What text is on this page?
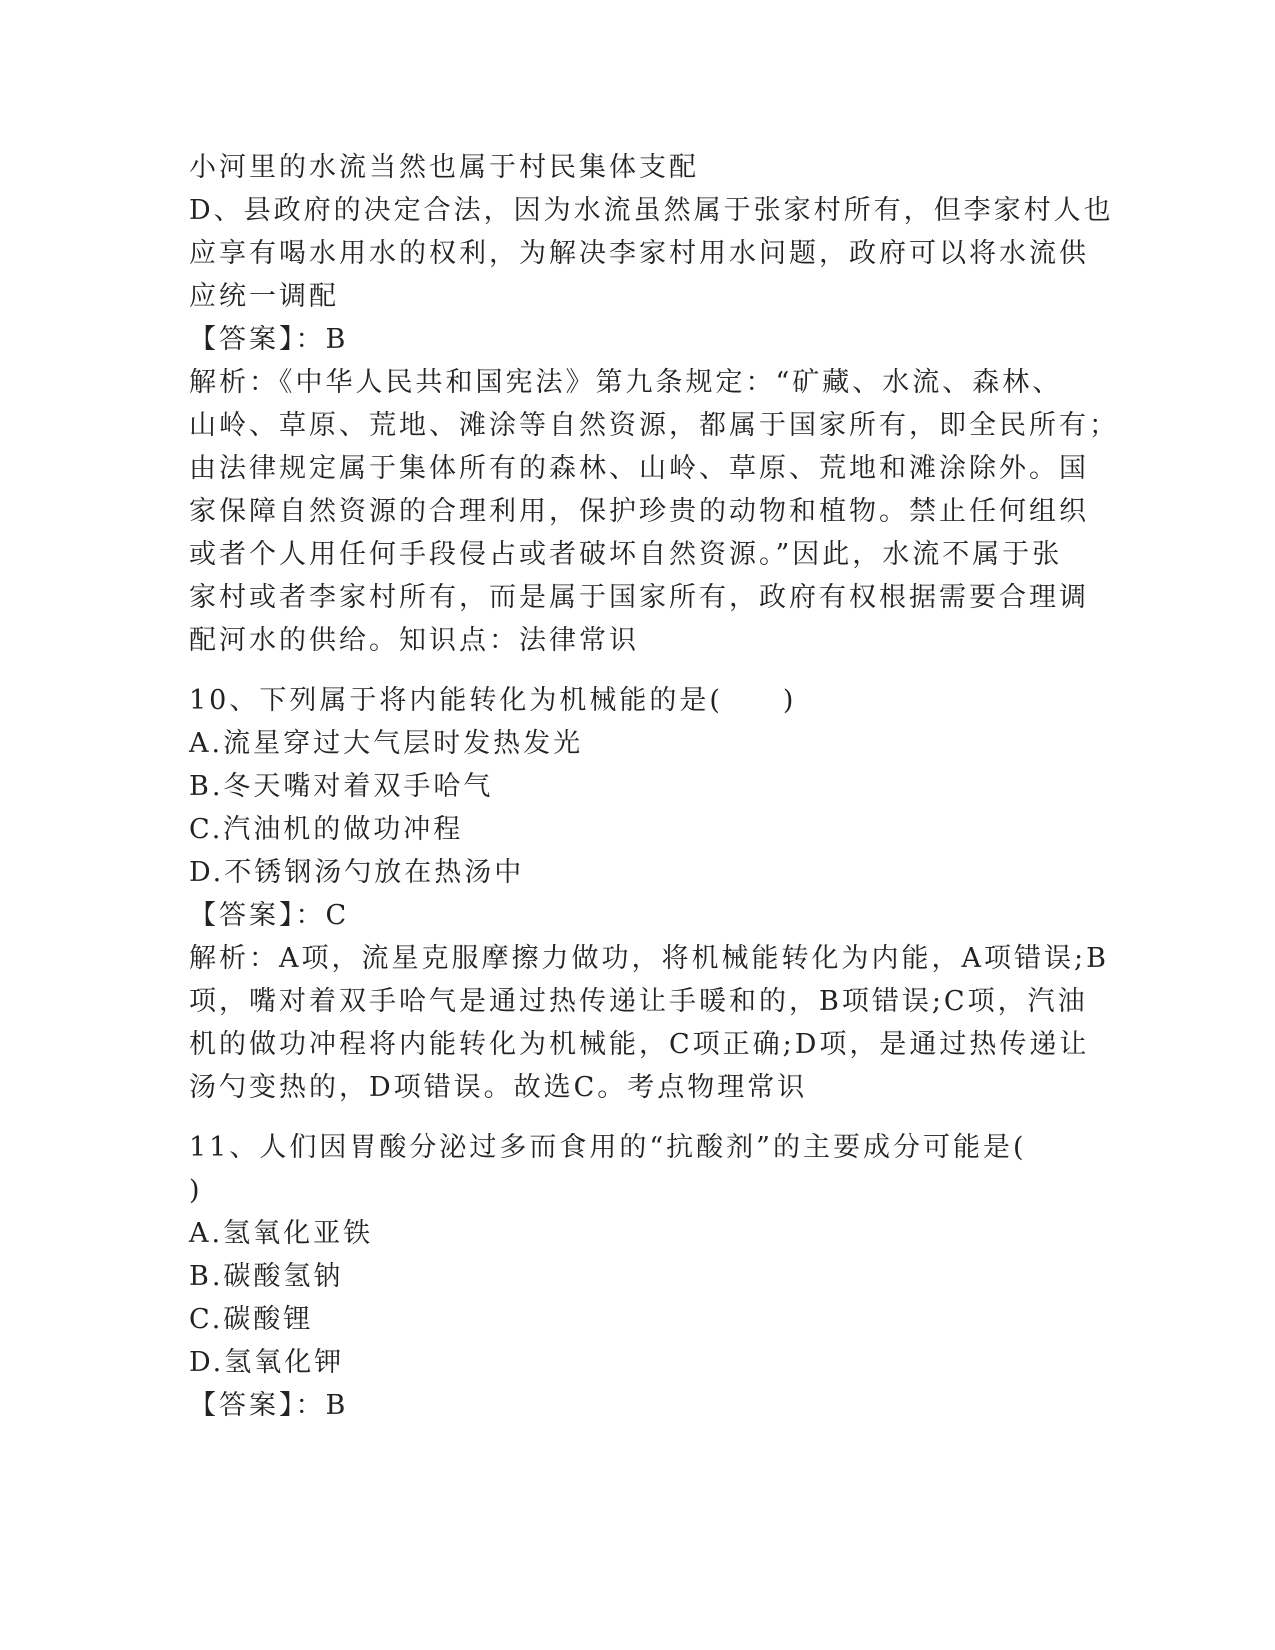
小河里的水流当然也属于村民集体支配
D、县政府的决定合法，因为水流虽然属于张家村所有，但李家村人也
应享有喝水用水的权利，为解决李家村用水问题，政府可以将水流供
应统一调配
【答案】：B
解析：《中华人民共和国宪法》第九条规定：“矿藏、水流、森林、
山岭、草原、荒地、滩涂等自然资源，都属于国家所有，即全民所有；
由法律规定属于集体所有的森林、山岭、草原、荒地和滩涂除外。国
家保障自然资源的合理利用，保护珍贵的动物和植物。禁止任何组织
或者个人用任何手段侵占或者破坏自然资源。”因此，水流不属于张
家村或者李家村所有，而是属于国家所有，政府有权根据需要合理调
配河水的供给。知识点：法律常识
10、下列属于将内能转化为机械能的是(　　)
A.流星穿过大气层时发热发光
B.冬天嘴对着双手哈气
C.汽油机的做功冲程
D.不锈钢汤勺放在热汤中
【答案】：C
解析：A项，流星克服摩擦力做功，将机械能转化为内能，A项错误;B
项，嘴对着双手哈气是通过热传递让手暖和的，B项错误;C项，汽油
机的做功冲程将内能转化为机械能，C项正确;D项，是通过热传递让
汤勺变热的，D项错误。故选C。考点物理常识
11、人们因胃酸分泌过多而食用的“抗酸剂”的主要成分可能是(
)
A.氢氧化亚铁
B.碳酸氢钠
C.碳酸锂
D.氢氧化钾
【答案】：B
